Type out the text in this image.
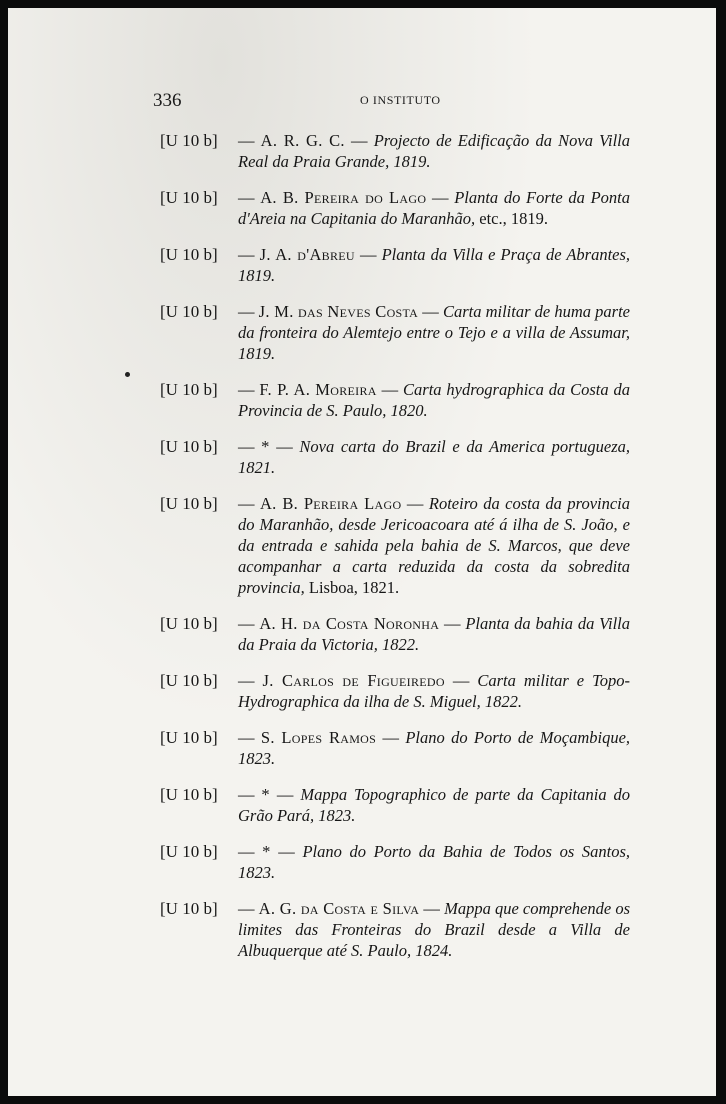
336	O INSTITUTO
[U 10 b] — A. R. G. C. — Projecto de Edificação da Nova Villa Real da Praia Grande, 1819.
[U 10 b] — A. B. Pereira do Lago — Planta do Forte da Ponta d'Areia na Capitania do Maranhão, etc., 1819.
[U 10 b] — J. A. d'Abreu — Planta da Villa e Praça de Abrantes, 1819.
[U 10 b] — J. M. das Neves Costa — Carta militar de huma parte da fronteira do Alemtejo entre o Tejo e a villa de Assumar, 1819.
[U 10 b] — F. P. A. Moreira — Carta hydrographica da Costa da Provincia de S. Paulo, 1820.
[U 10 b] — * — Nova carta do Brazil e da America portugueza, 1821.
[U 10 b] — A. B. Pereira Lago — Roteiro da costa da provincia do Maranhão, desde Jericoacoara até á ilha de S. João, e da entrada e sahida pela bahia de S. Marcos, que deve acompanhar a carta reduzida da costa da sobredita provincia, Lisboa, 1821.
[U 10 b] — A. H. da Costa Noronha — Planta da bahia da Villa da Praia da Victoria, 1822.
[U 10 b] — J. Carlos de Figueiredo — Carta militar e Topo-Hydrographica da ilha de S. Miguel, 1822.
[U 10 b] — S. Lopes Ramos — Plano do Porto de Moçambique, 1823.
[U 10 b] — * — Mappa Topographico de parte da Capitania do Grão Pará, 1823.
[U 10 b] — * — Plano do Porto da Bahia de Todos os Santos, 1823.
[U 10 b] — A. G. da Costa e Silva — Mappa que comprehende os limites das Fronteiras do Brazil desde a Villa de Albuquerque até S. Paulo, 1824.
